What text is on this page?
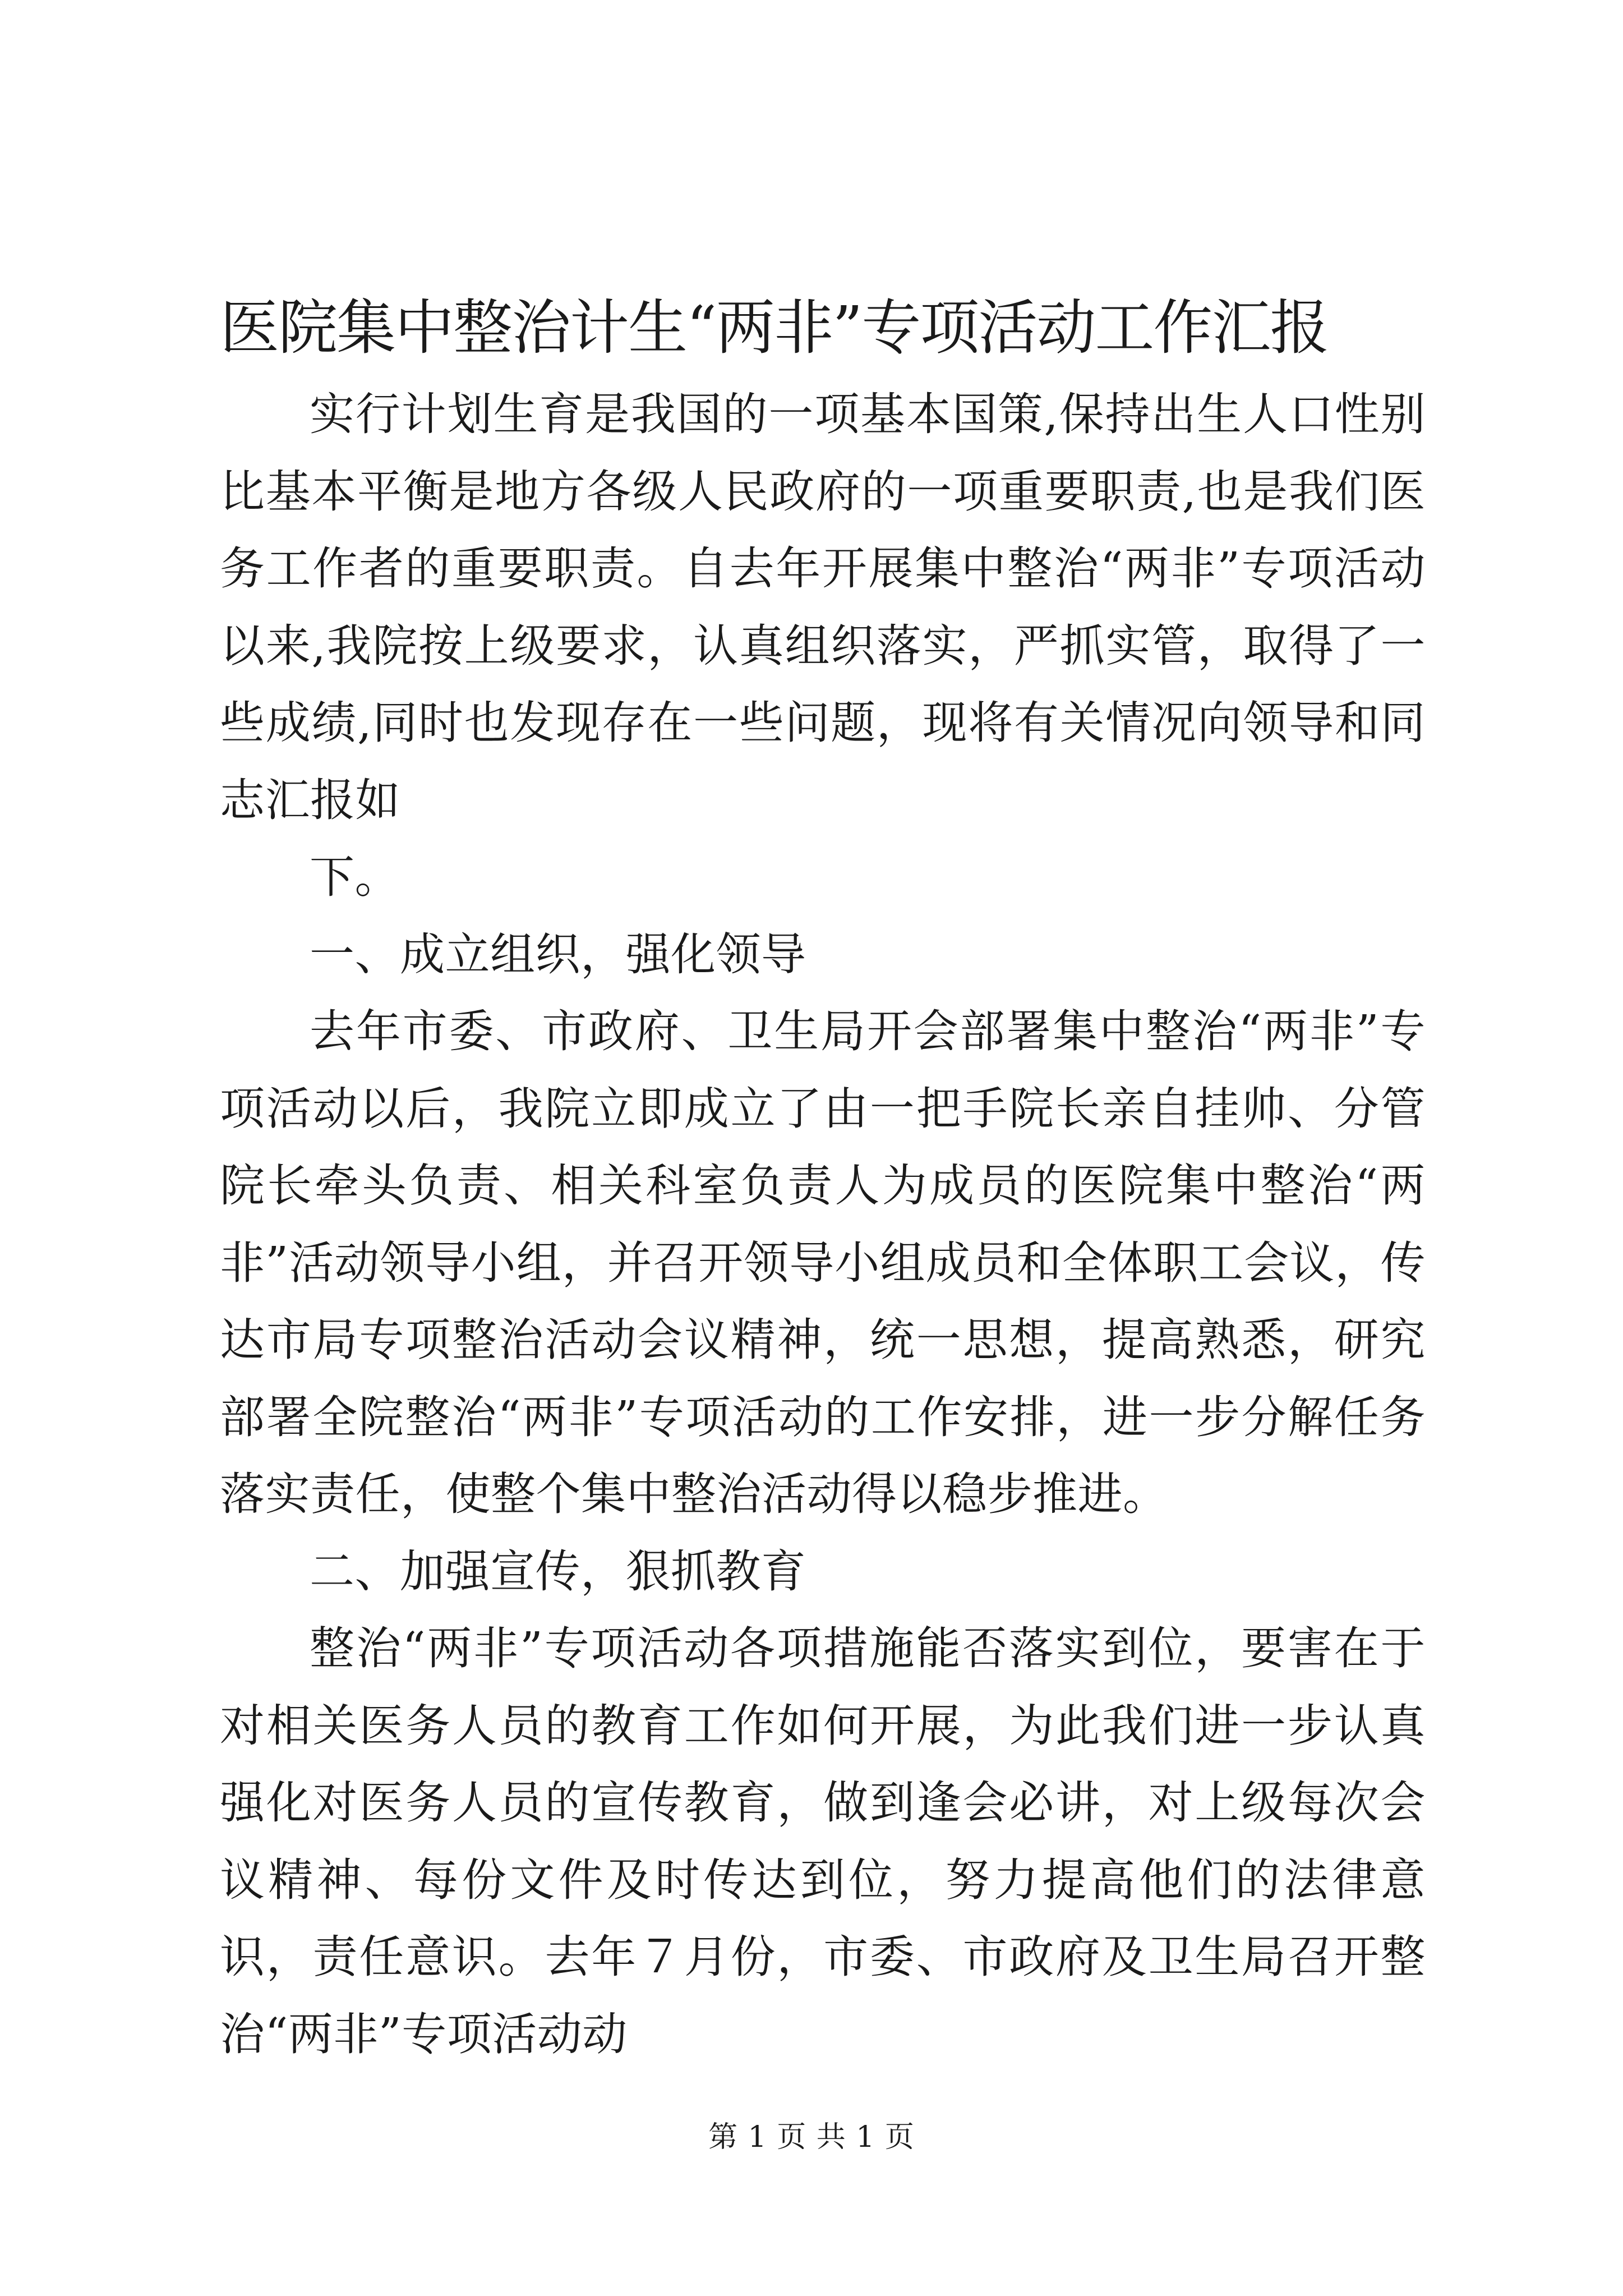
医院集中整治计生“两非”专项活动工作汇报

实行计划生育是我国的一项基本国策,保持出生人口性别比基本平衡是地方各级人民政府的一项重要职责,也是我们医务工作者的重要职责。自去年开展集中整治“两非”专项活动以来,我院按上级要求，认真组织落实，严抓实管，取得了一些成绩,同时也发现存在一些问题，现将有关情况向领导和同志汇报如

下。

一、成立组织，强化领导

去年市委、市政府、卫生局开会部署集中整治“两非”专项活动以后，我院立即成立了由一把手院长亲自挂帅、分管院长牵头负责、相关科室负责人为成员的医院集中整治“两非”活动领导小组，并召开领导小组成员和全体职工会议，传达市局专项整治活动会议精神，统一思想，提高熟悉，研究部署全院整治“两非”专项活动的工作安排，进一步分解任务落实责任，使整个集中整治活动得以稳步推进。

二、加强宣传，狠抓教育

整治“两非”专项活动各项措施能否落实到位，要害在于对相关医务人员的教育工作如何开展，为此我们进一步认真强化对医务人员的宣传教育，做到逢会必讲，对上级每次会议精神、每份文件及时传达到位，努力提高他们的法律意识，责任意识。去年７月份，市委、市政府及卫生局召开整治“两非”专项活动动

第 1 页 共 1 页
